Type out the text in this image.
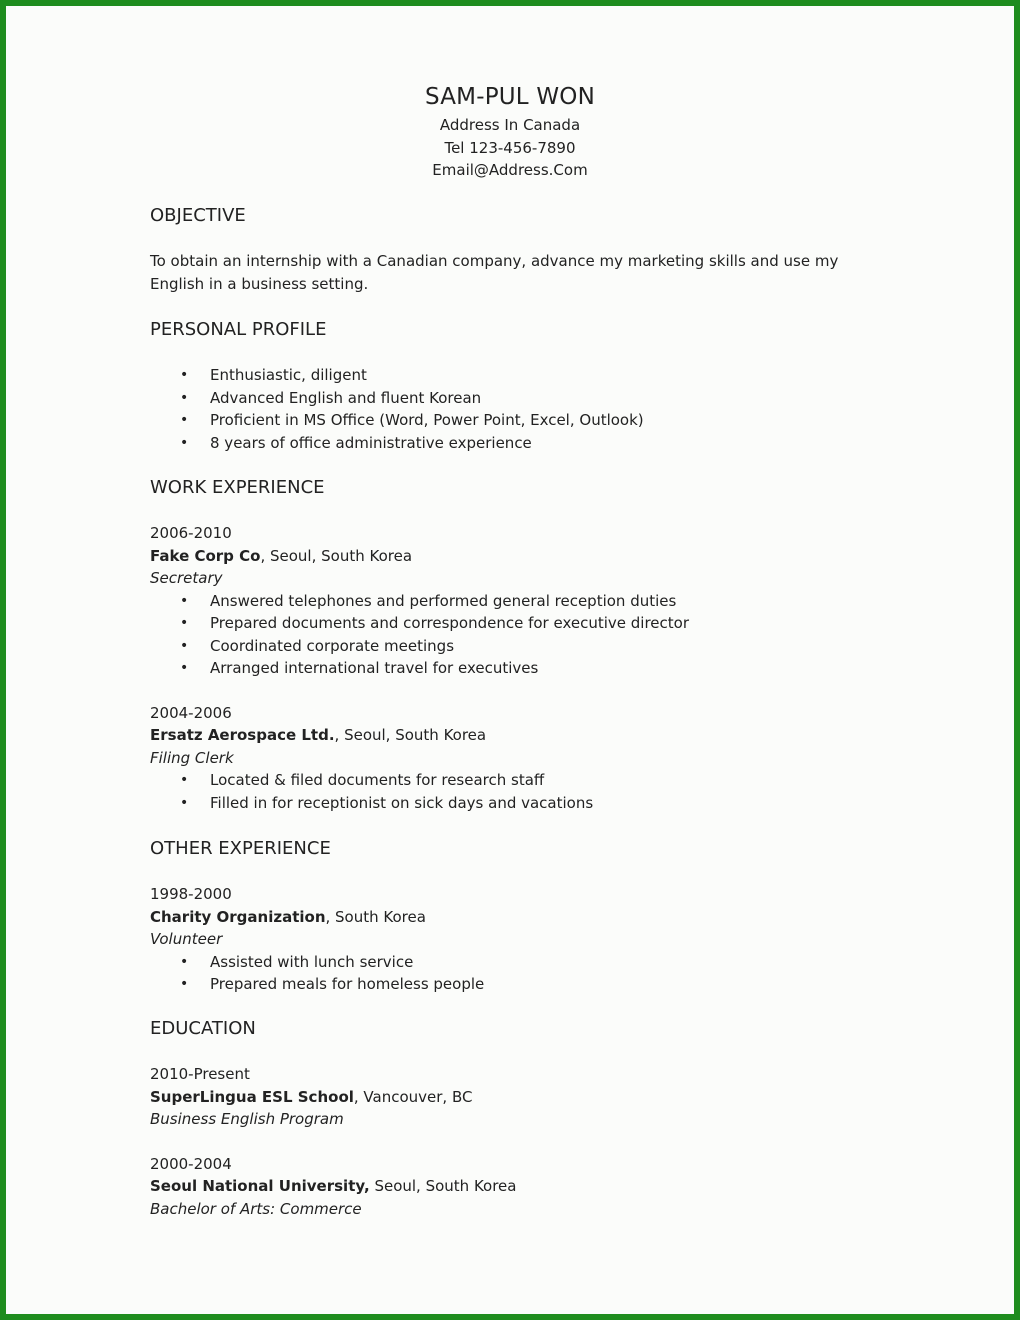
SAM-PUL WON
Address In Canada
Tel 123-456-7890
Email@Address.Com
OBJECTIVE
To obtain an internship with a Canadian company, advance my marketing skills and use my
English in a business setting.
PERSONAL PROFILE
• Enthusiastic, diligent
• Advanced English and fluent Korean
• Proficient in MS Office (Word, Power Point, Excel, Outlook)
• 8 years of office administrative experience
WORK EXPERIENCE
2006-2010
Fake Corp Co, Seoul, South Korea
Secretary
• Answered telephones and performed general reception duties
• Prepared documents and correspondence for executive director
• Coordinated corporate meetings
• Arranged international travel for executives
2004-2006
Ersatz Aerospace Ltd., Seoul, South Korea
Filing Clerk
• Located & filed documents for research staff
• Filled in for receptionist on sick days and vacations
OTHER EXPERIENCE
1998-2000
Charity Organization, South Korea
Volunteer
• Assisted with lunch service
• Prepared meals for homeless people
EDUCATION
2010-Present
SuperLingua ESL School, Vancouver, BC
Business English Program
2000-2004
Seoul National University, Seoul, South Korea
Bachelor of Arts: Commerce
